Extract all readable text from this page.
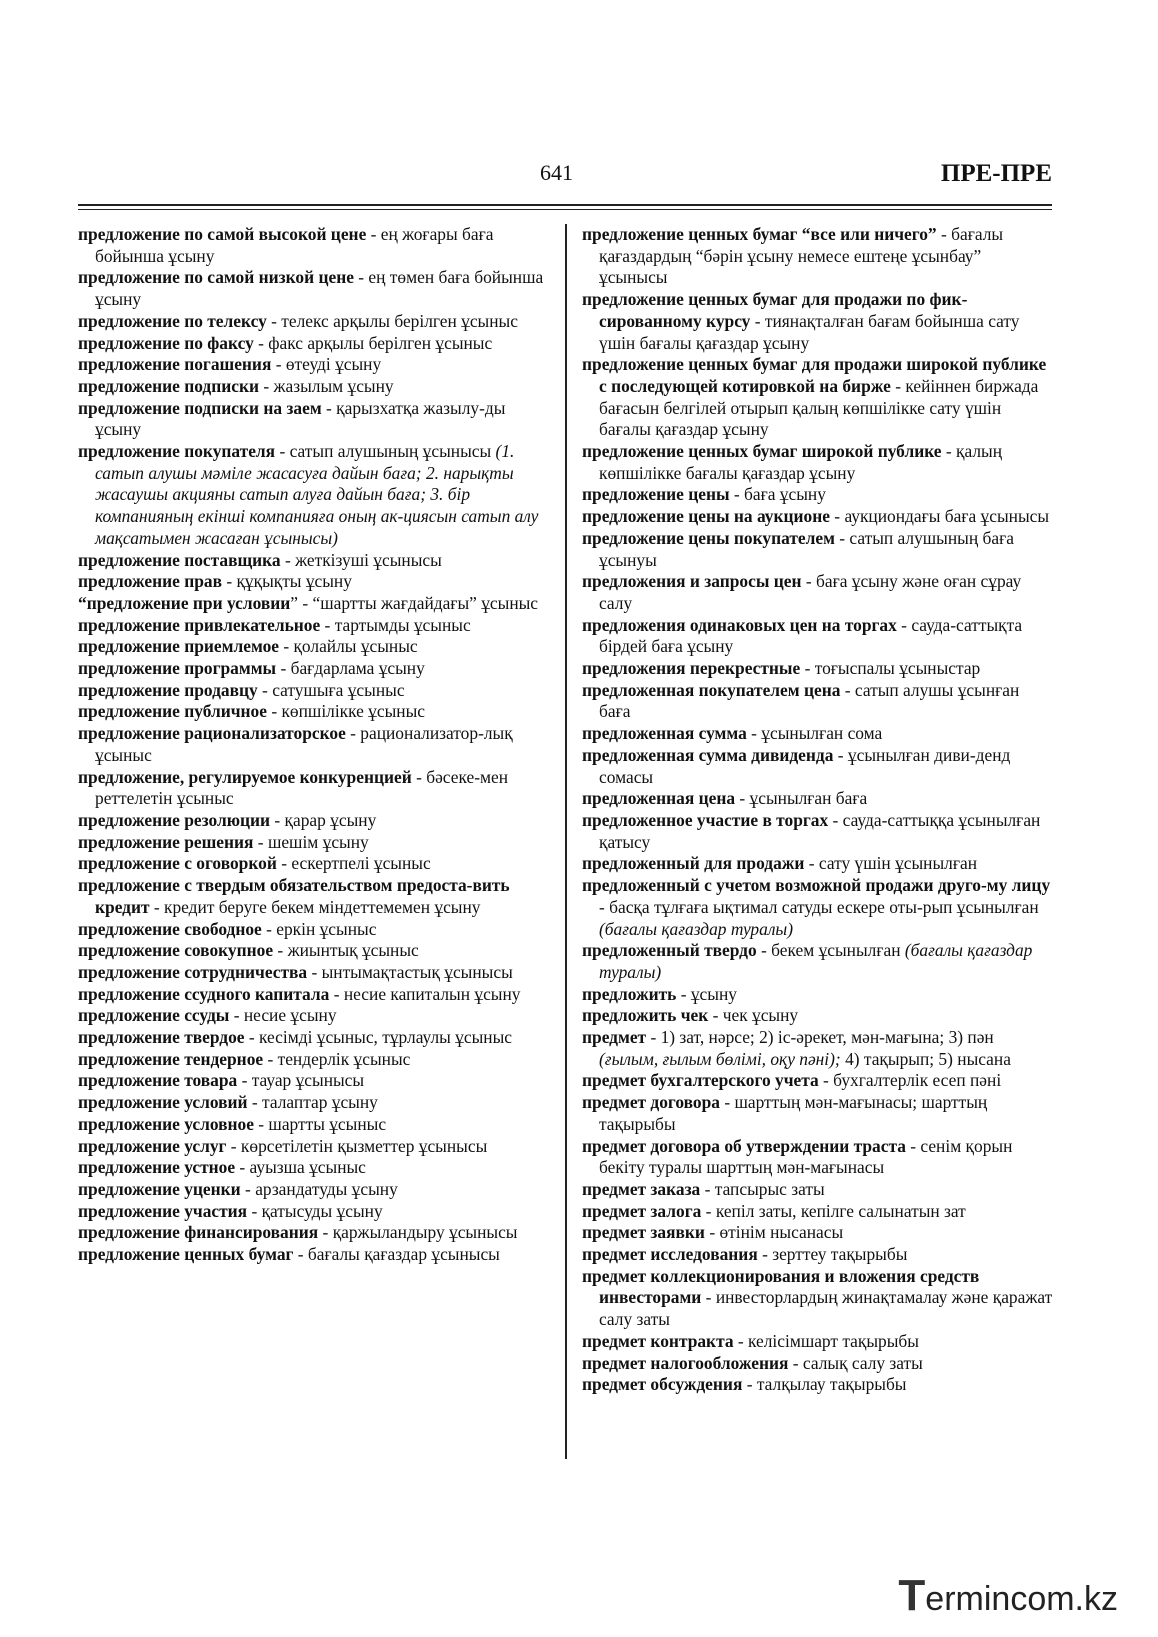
641	ПРЕ-ПРЕ

предложение по самой высокой цене - ең жоғары баға бойынша ұсыну

предложение по самой низкой цене - ең төмен баға бойынша ұсыну

предложение по телексу - телекс арқылы берілген ұсыныс

предложение по факсу - факс арқылы берілген ұсыныс

предложение погашения - өтеуді ұсыну

предложение подписки - жазылым ұсыну

предложение подписки на заем - қарызхатқа жазылу-ды ұсыну

предложение покупателя - сатып алушының ұсынысы (1. сатып алушы мәміле жасасуға дайын баға; 2. нарықты жасаушы акцияны сатып алуға дайын баға; 3. бір компанияның екінші компанияға оның ак-циясын сатып алу мақсатымен жасаған ұсынысы)

предложение поставщика - жеткізуші ұсынысы

предложение прав - құқықты ұсыну

“предложение при условии” - “шартты жағдайдағы” ұсыныс

предложение привлекательное - тартымды ұсыныс

предложение приемлемое - қолайлы ұсыныс

предложение программы - бағдарлама ұсыну

предложение продавцу - сатушыға ұсыныс

предложение публичное - көпшілікке ұсыныс

предложение рационализаторское - рационализатор-лық ұсыныс

предложение, регулируемое конкуренцией - бәсеке-мен реттелетін ұсыныс

предложение резолюции - қарар ұсыну

предложение решения - шешім ұсыну

предложение с оговоркой - ескертпелі ұсыныс

предложение с твердым обязательством предоста-вить кредит - кредит беруге бекем міндеттемемен ұсыну

предложение свободное - еркін ұсыныс

предложение совокупное - жиынтық ұсыныс

предложение сотрудничества - ынтымақтастық ұсынысы

предложение ссудного капитала - несие капиталын ұсыну

предложение ссуды - несие ұсыну

предложение твердое - кесімді ұсыныс, тұрлаулы ұсыныс

предложение тендерное - тендерлік ұсыныс

предложение товара - тауар ұсынысы

предложение условий - талаптар ұсыну

предложение условное - шартты ұсыныс

предложение услуг - көрсетілетін қызметтер ұсынысы

предложение устное - ауызша ұсыныс

предложение уценки - арзандатуды ұсыну

предложение участия - қатысуды ұсыну

предложение финансирования - қаржыландыру ұсынысы

предложение ценных бумаг - бағалы қағаздар ұсынысы

предложение ценных бумаг “все или ничего” - бағалы қағаздардың “бәрін ұсыну немесе ештеңе ұсынбау” ұсынысы

предложение ценных бумаг для продажи по фик-сированному курсу - тиянақталған бағам бойынша сату үшін бағалы қағаздар ұсыну

предложение ценных бумаг для продажи широкой публике с последующей котировкой на бирже - кейіннен биржада бағасын белгілей отырып қалың көпшілікке сату үшін бағалы қағаздар ұсыну

предложение ценных бумаг широкой публике - қалың көпшілікке бағалы қағаздар ұсыну

предложение цены - баға ұсыну

предложение цены на аукционе - аукциондағы баға ұсынысы

предложение цены покупателем - сатып алушының баға ұсынуы

предложения и запросы цен - баға ұсыну және оған сұрау салу

предложения одинаковых цен на торгах - сауда-саттықта бірдей баға ұсыну

предложения перекрестные - тоғыспалы ұсыныстар

предложенная покупателем цена - сатып алушы ұсынған баға

предложенная сумма - ұсынылған сома

предложенная сумма дивиденда - ұсынылған диви-денд сомасы

предложенная цена - ұсынылған баға

предложенное участие в торгах - сауда-саттыққа ұсынылған қатысу

предложенный для продажи - сату үшін ұсынылған

предложенный с учетом возможной продажи друго-му лицу - басқа тұлғаға ықтимал сатуды ескере оты-рып ұсынылған (бағалы қағаздар туралы)

предложенный твердо - бекем ұсынылған (бағалы қағаздар туралы)

предложить - ұсыну

предложить чек - чек ұсыну

предмет - 1) зат, нәрсе; 2) іс-әрекет, мән-мағына; 3) пән (ғылым, ғылым бөлімі, оқу пәні); 4) тақырып; 5) нысана

предмет бухгалтерского учета - бухгалтерлік есеп пәні

предмет договора - шарттың мән-мағынасы; шарттың тақырыбы

предмет договора об утверждении траста - сенім қорын бекіту туралы шарттың мән-мағынасы

предмет заказа - тапсырыс заты

предмет залога - кепіл заты, кепілге салынатын зат

предмет заявки - өтінім нысанасы

предмет исследования - зерттеу тақырыбы

предмет коллекционирования и вложения средств инвесторами - инвесторлардың жинақтамалау және қаражат салу заты

предмет контракта - келісімшарт тақырыбы

предмет налогообложения - салық салу заты

предмет обсуждения - талқылау тақырыбы

Termincom.kz
